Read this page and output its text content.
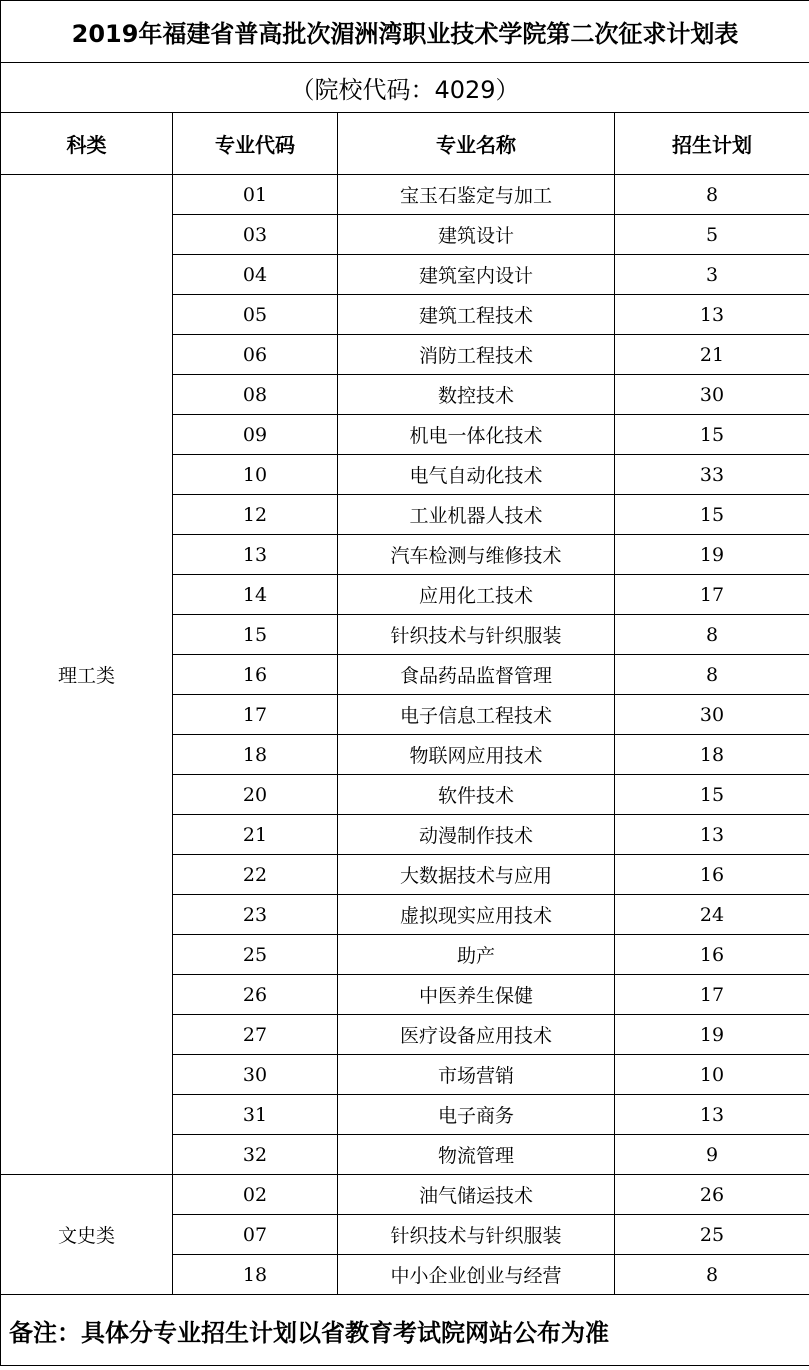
2019年福建省普高批次湄洲湾职业技术学院第二次征求计划表			
（院校代码：4029）			
科类	专业代码	专业名称	招生计划
理工类	01	宝玉石鉴定与加工	8
	03	建筑设计	5
	04	建筑室内设计	3
	05	建筑工程技术	13
	06	消防工程技术	21
	08	数控技术	30
	09	机电一体化技术	15
	10	电气自动化技术	33
	12	工业机器人技术	15
	13	汽车检测与维修技术	19
	14	应用化工技术	17
	15	针织技术与针织服装	8
	16	食品药品监督管理	8
	17	电子信息工程技术	30
	18	物联网应用技术	18
	20	软件技术	15
	21	动漫制作技术	13
	22	大数据技术与应用	16
	23	虚拟现实应用技术	24
	25	助产	16
	26	中医养生保健	17
	27	医疗设备应用技术	19
	30	市场营销	10
	31	电子商务	13
	32	物流管理	9
文史类	02	油气储运技术	26
	07	针织技术与针织服装	25
	18	中小企业创业与经营	8
备注：具体分专业招生计划以省教育考试院网站公布为准			
